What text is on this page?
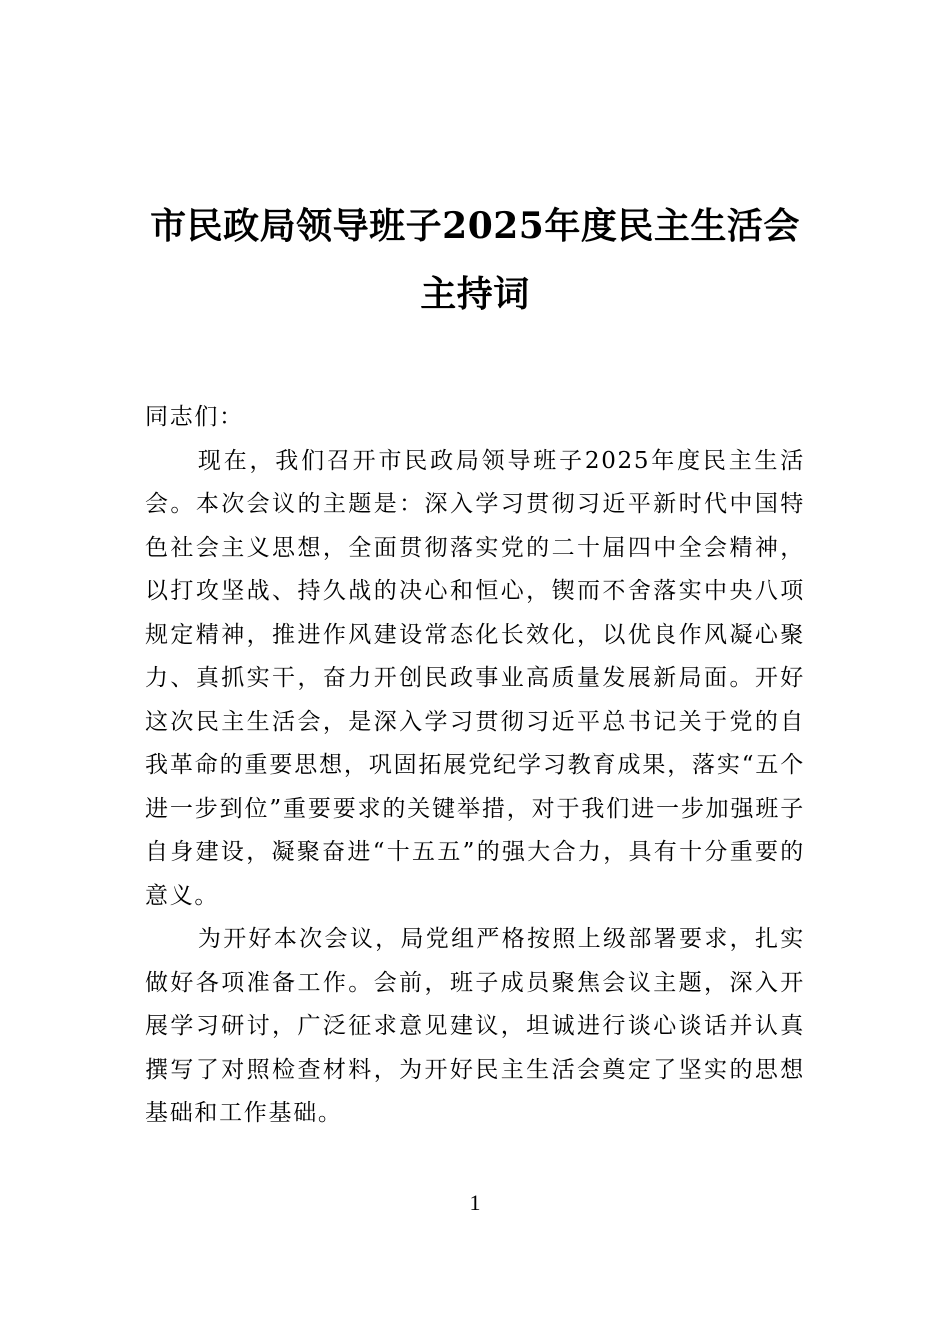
市民政局领导班子2025年度民主生活会主持词

同志们：

现在，我们召开市民政局领导班子2025年度民主生活会。本次会议的主题是：深入学习贯彻习近平新时代中国特色社会主义思想，全面贯彻落实党的二十届四中全会精神，以打攻坚战、持久战的决心和恒心，锲而不舍落实中央八项规定精神，推进作风建设常态化长效化，以优良作风凝心聚力、真抓实干，奋力开创民政事业高质量发展新局面。开好这次民主生活会，是深入学习贯彻习近平总书记关于党的自我革命的重要思想，巩固拓展党纪学习教育成果，落实“五个进一步到位”重要要求的关键举措，对于我们进一步加强班子自身建设，凝聚奋进“十五五”的强大合力，具有十分重要的意义。

为开好本次会议，局党组严格按照上级部署要求，扎实做好各项准备工作。会前，班子成员聚焦会议主题，深入开展学习研讨，广泛征求意见建议，坦诚进行谈心谈话并认真撰写了对照检查材料，为开好民主生活会奠定了坚实的思想基础和工作基础。

1
